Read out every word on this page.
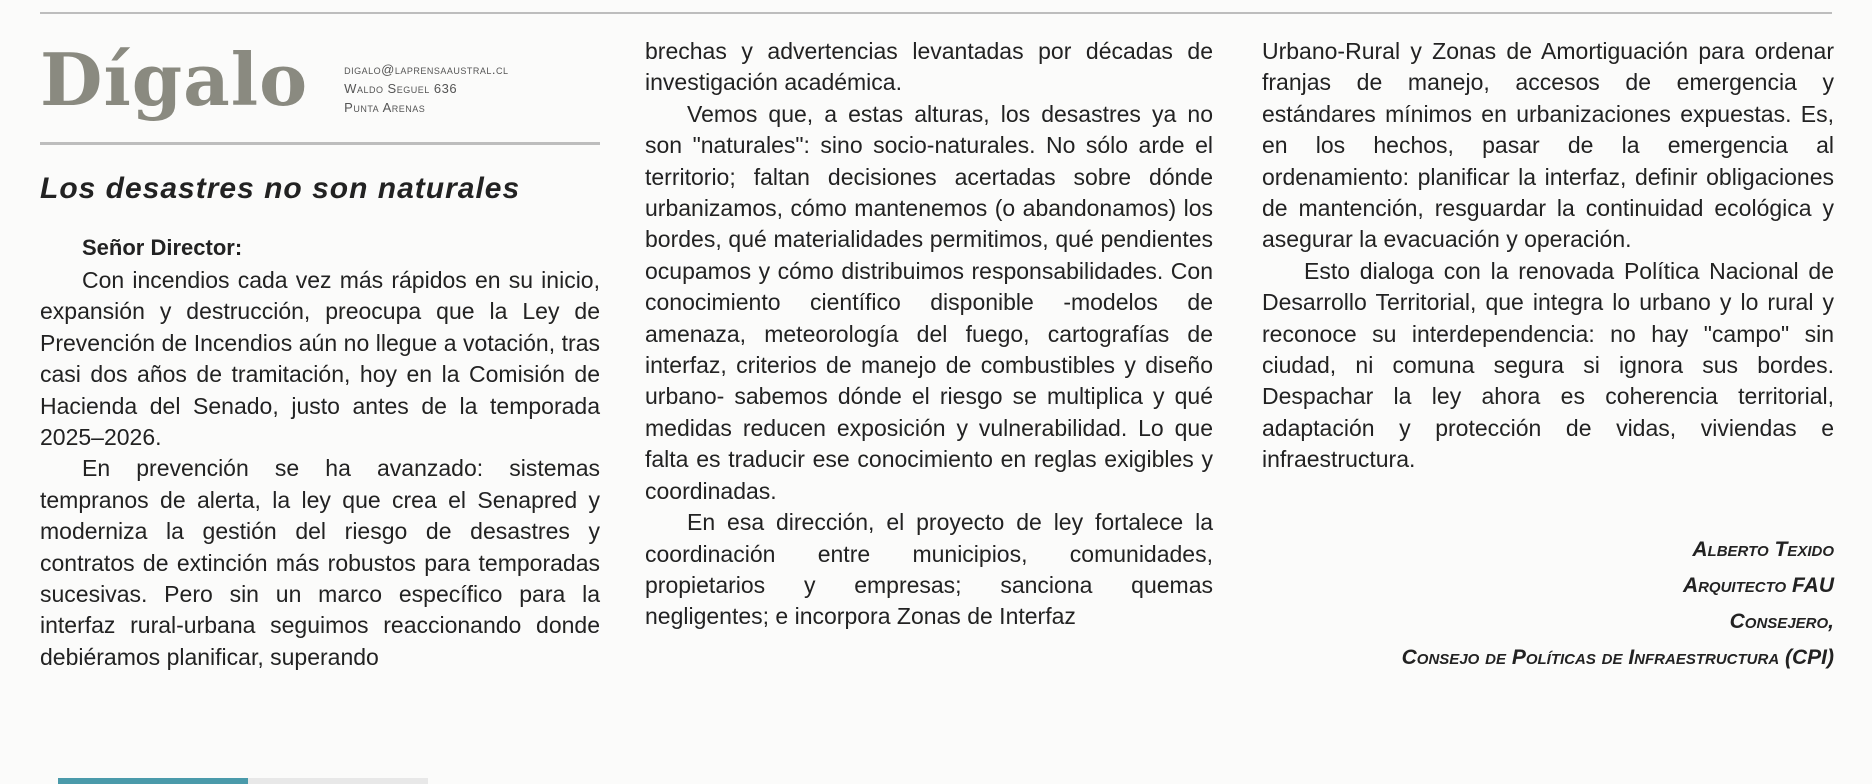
Dígalo	digalo@laprensaaustral.cl
Waldo Seguel 636
Punta Arenas
Los desastres no son naturales
Señor Director:

Con incendios cada vez más rápidos en su inicio, expansión y destrucción, preocupa que la Ley de Prevención de Incendios aún no llegue a votación, tras casi dos años de tramitación, hoy en la Comisión de Hacienda del Senado, justo antes de la temporada 2025–2026.

En prevención se ha avanzado: sistemas tempranos de alerta, la ley que crea el Senapred y moderniza la gestión del riesgo de desastres y contratos de extinción más robustos para temporadas sucesivas. Pero sin un marco específico para la interfaz rural-urbana seguimos reaccionando donde debiéramos planificar, superando

brechas y advertencias levantadas por décadas de investigación académica.

Vemos que, a estas alturas, los desastres ya no son "naturales": sino socio-naturales. No sólo arde el territorio; faltan decisiones acertadas sobre dónde urbanizamos, cómo mantenemos (o abandonamos) los bordes, qué materialidades permitimos, qué pendientes ocupamos y cómo distribuimos responsabilidades. Con conocimiento científico disponible -modelos de amenaza, meteorología del fuego, cartografías de interfaz, criterios de manejo de combustibles y diseño urbano- sabemos dónde el riesgo se multiplica y qué medidas reducen exposición y vulnerabilidad. Lo que falta es traducir ese conocimiento en reglas exigibles y coordinadas.

En esa dirección, el proyecto de ley fortalece la coordinación entre municipios, comunidades, propietarios y empresas; sanciona quemas negligentes; e incorpora Zonas de Interfaz

Urbano-Rural y Zonas de Amortiguación para ordenar franjas de manejo, accesos de emergencia y estándares mínimos en urbanizaciones expuestas. Es, en los hechos, pasar de la emergencia al ordenamiento: planificar la interfaz, definir obligaciones de mantención, resguardar la continuidad ecológica y asegurar la evacuación y operación.

Esto dialoga con la renovada Política Nacional de Desarrollo Territorial, que integra lo urbano y lo rural y reconoce su interdependencia: no hay "campo" sin ciudad, ni comuna segura si ignora sus bordes. Despachar la ley ahora es coherencia territorial, adaptación y protección de vidas, viviendas e infraestructura.

Alberto Texido
Arquitecto FAU
Consejero,
Consejo de Políticas de Infraestructura (CPI)
